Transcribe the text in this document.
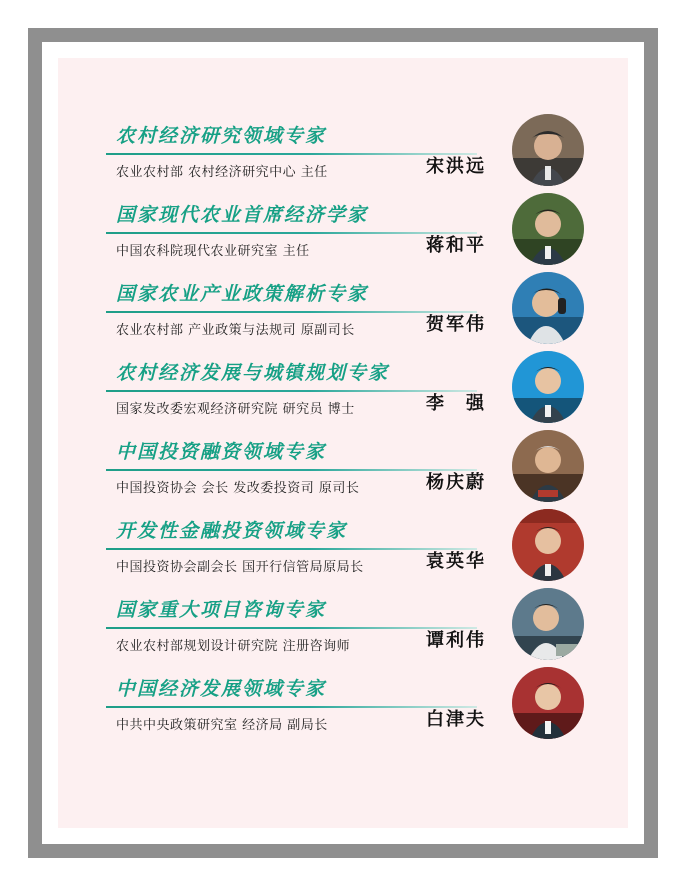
农村经济研究领域专家
农业农村部 农村经济研究中心 主任	宋洪远
国家现代农业首席经济学家
中国农科院现代农业研究室 主任	蒋和平
国家农业产业政策解析专家
农业农村部 产业政策与法规司 原副司长	贺军伟
农村经济发展与城镇规划专家
国家发改委宏观经济研究院 研究员 博士	李　强
中国投资融资领域专家
中国投资协会 会长 发改委投资司 原司长	杨庆蔚
开发性金融投资领域专家
中国投资协会副会长 国开行信管局原局长	袁英华
国家重大项目咨询专家
农业农村部规划设计研究院 注册咨询师	谭利伟
中国经济发展领域专家
中共中央政策研究室 经济局 副局长	白津夫
